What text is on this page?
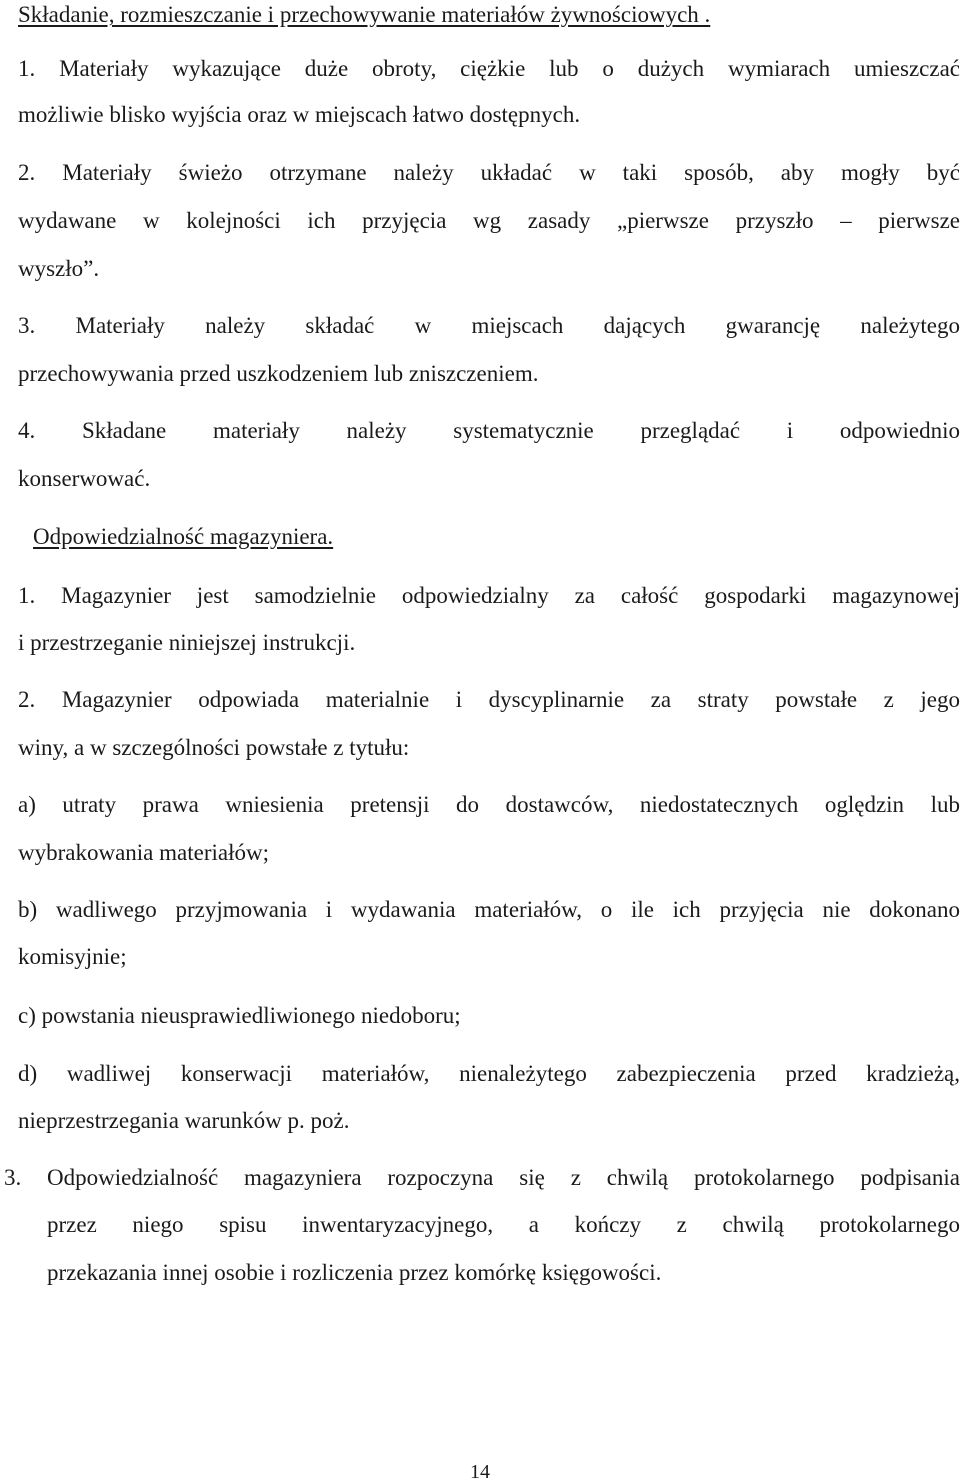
Składanie, rozmieszczanie i przechowywanie materiałów żywnościowych .
1. Materiały wykazujące duże obroty, ciężkie lub o dużych wymiarach umieszczać
możliwie blisko wyjścia oraz w miejscach łatwo dostępnych.
2. Materiały świeżo otrzymane należy układać w taki sposób, aby mogły być
wydawane w kolejności ich przyjęcia wg zasady „pierwsze przyszło – pierwsze
wyszło”.
3. Materiały należy składać w miejscach dających gwarancję należytego
przechowywania przed uszkodzeniem lub zniszczeniem.
4. Składane materiały należy systematycznie przeglądać i odpowiednio
konserwować.
Odpowiedzialność magazyniera.
1. Magazynier jest samodzielnie odpowiedzialny za całość gospodarki magazynowej
i przestrzeganie niniejszej instrukcji.
2. Magazynier odpowiada materialnie i dyscyplinarnie za straty powstałe z jego
winy, a w szczególności powstałe z tytułu:
a) utraty prawa wniesienia pretensji do dostawców, niedostatecznych oględzin lub
wybrakowania materiałów;
b) wadliwego przyjmowania i wydawania materiałów, o ile ich przyjęcia nie dokonano
komisyjnie;
c) powstania nieusprawiedliwionego niedoboru;
d) wadliwej konserwacji materiałów, nienależytego zabezpieczenia przed kradzieżą,
nieprzestrzegania warunków p. poż.
3. Odpowiedzialność magazyniera rozpoczyna się z chwilą protokolarnego podpisania
przez niego spisu inwentaryzacyjnego, a kończy z chwilą protokolarnego
przekazania innej osobie i rozliczenia przez komórkę księgowości.
14
